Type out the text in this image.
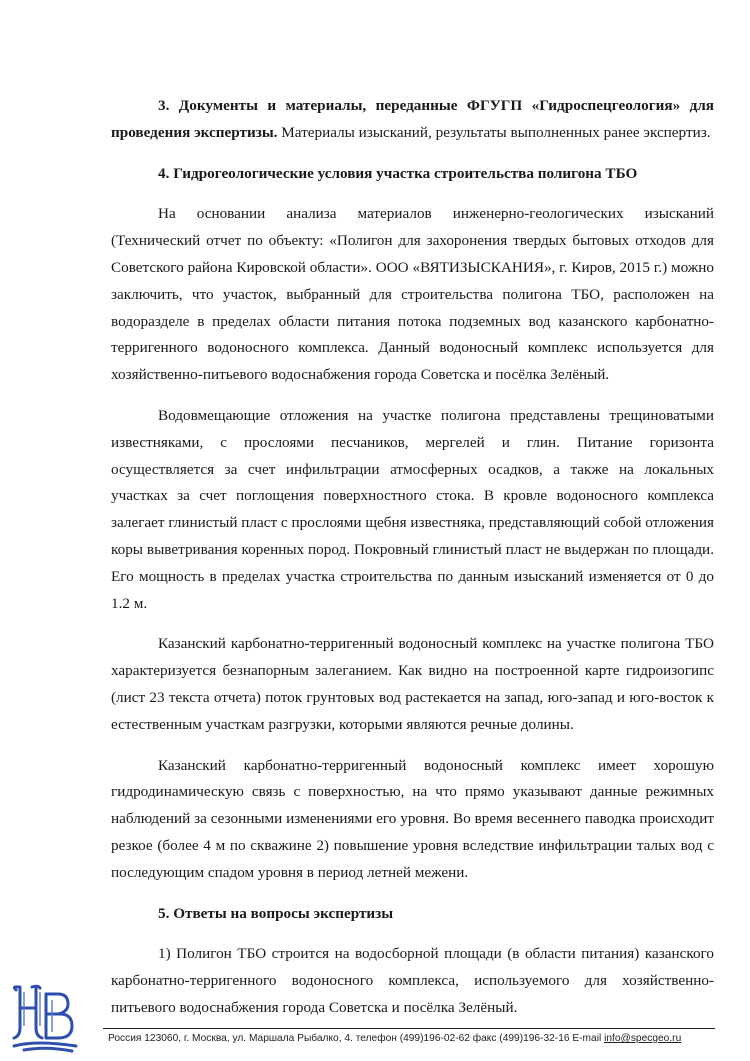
3. Документы и материалы, переданные ФГУГП «Гидроспецгеология» для проведения экспертизы. Материалы изысканий, результаты выполненных ранее экспертиз.

4. Гидрогеологические условия участка строительства полигона ТБО

На основании анализа материалов инженерно-геологических изысканий (Технический отчет по объекту: «Полигон для захоронения твердых бытовых отходов для Советского района Кировской области». ООО «ВЯТИЗЫСКАНИЯ», г. Киров, 2015 г.) можно заключить, что участок, выбранный для строительства полигона ТБО, расположен на водоразделе в пределах области питания потока подземных вод казанского карбонатно-терригенного водоносного комплекса. Данный водоносный комплекс используется для хозяйственно-питьевого водоснабжения города Советска и посёлка Зелёный.

Водовмещающие отложения на участке полигона представлены трещиноватыми известняками, с прослоями песчаников, мергелей и глин. Питание горизонта осуществляется за счет инфильтрации атмосферных осадков, а также на локальных участках за счет поглощения поверхностного стока. В кровле водоносного комплекса залегает глинистый пласт с прослоями щебня известняка, представляющий собой отложения коры выветривания коренных пород. Покровный глинистый пласт не выдержан по площади. Его мощность в пределах участка строительства по данным изысканий изменяется от 0 до 1.2 м.

Казанский карбонатно-терригенный водоносный комплекс на участке полигона ТБО характеризуется безнапорным залеганием. Как видно на построенной карте гидроизогипс (лист 23 текста отчета) поток грунтовых вод растекается на запад, юго-запад и юго-восток к естественным участкам разгрузки, которыми являются речные долины.

Казанский карбонатно-терригенный водоносный комплекс имеет хорошую гидродинамическую связь с поверхностью, на что прямо указывают данные режимных наблюдений за сезонными изменениями его уровня. Во время весеннего паводка происходит резкое (более 4 м по скважине 2) повышение уровня вследствие инфильтрации талых вод с последующим спадом уровня в период летней межени.

5. Ответы на вопросы экспертизы

1) Полигон ТБО строится на водосборной площади (в области питания) казанского карбонатно-терригенного водоносного комплекса, используемого для хозяйственно-питьевого водоснабжения города Советска и посёлка Зелёный.

Россия 123060, г. Москва, ул. Маршала Рыбалко, 4. телефон (499)196-02-62 факс (499)196-32-16 E-mail info@specgeo.ru
